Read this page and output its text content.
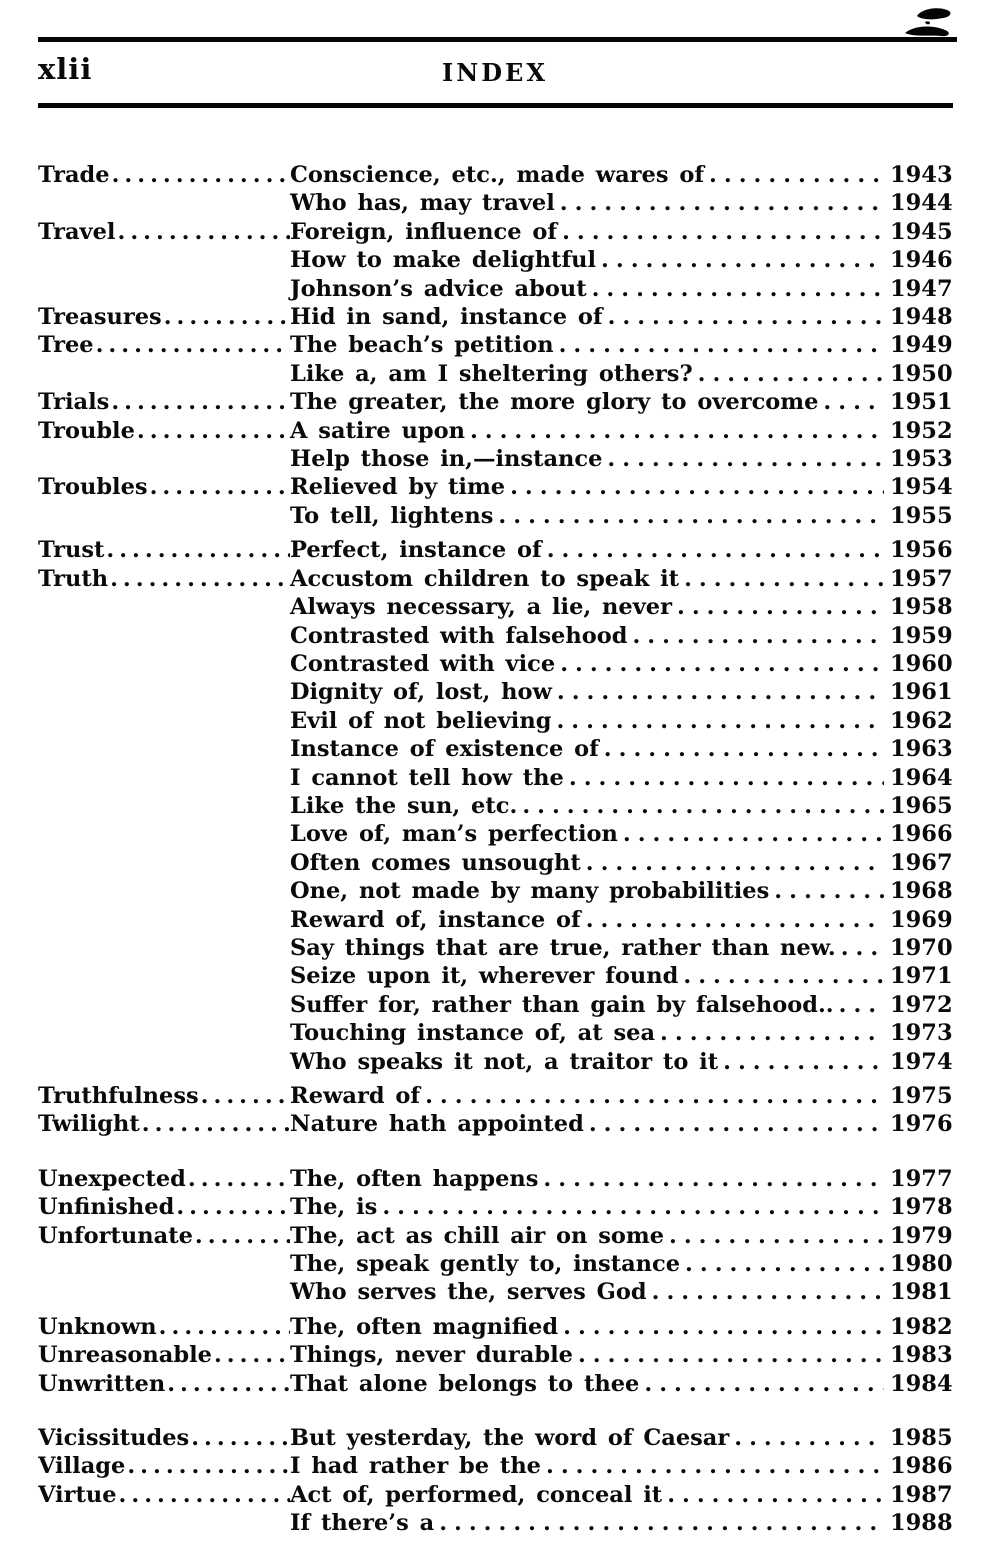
xlii	INDEX
Trade .....	Conscience, etc., made wares of .....	1943
Who has, may travel .....	1944
Travel .....	Foreign, influence of .....	1945
How to make delightful .....	1946
Johnson’s advice about .....	1947
Treasures .....	Hid in sand, instance of .....	1948
Tree .....	The beach’s petition .....	1949
Like a, am I sheltering others? .....	1950
Trials .....	The greater, the more glory to overcome .....	1951
Trouble .....	A satire upon .....	1952
Help those in,—instance .....	1953
Troubles .....	Relieved by time .....	1954
To tell, lightens .....	1955
Trust .....	Perfect, instance of .....	1956
Truth .....	Accustom children to speak it .....	1957
Always necessary, a lie, never .....	1958
Contrasted with falsehood .....	1959
Contrasted with vice .....	1960
Dignity of, lost, how .....	1961
Evil of not believing .....	1962
Instance of existence of .....	1963
I cannot tell how the .....	1964
Like the sun, etc. .....	1965
Love of, man’s perfection .....	1966
Often comes unsought .....	1967
One, not made by many probabilities .....	1968
Reward of, instance of .....	1969
Say things that are true, rather than new. ..... 1970
Seize upon it, wherever found .....	1971
Suffer for, rather than gain by falsehood.. .....	1972
Touching instance of, at sea .....	1973
Who speaks it not, a traitor to it .....	1974
Truthfulness .....	Reward of .....	1975
Twilight .....	Nature hath appointed .....	1976
Unexpected .....	The, often happens .....	1977
Unfinished .....	The, is .....	1978
Unfortunate .....	The, act as chill air on some .....	1979
The, speak gently to, instance .....	1980
Who serves the, serves God .....	1981
Unknown .....	The, often magnified .....	1982
Unreasonable .....	Things, never durable .....	1983
Unwritten .....	That alone belongs to thee .....	1984
Vicissitudes .....	But yesterday, the word of Caesar .....	1985
Village .....	I had rather be the .....	1986
Virtue .....	Act of, performed, conceal it .....	1987
If there’s a .....	1988
